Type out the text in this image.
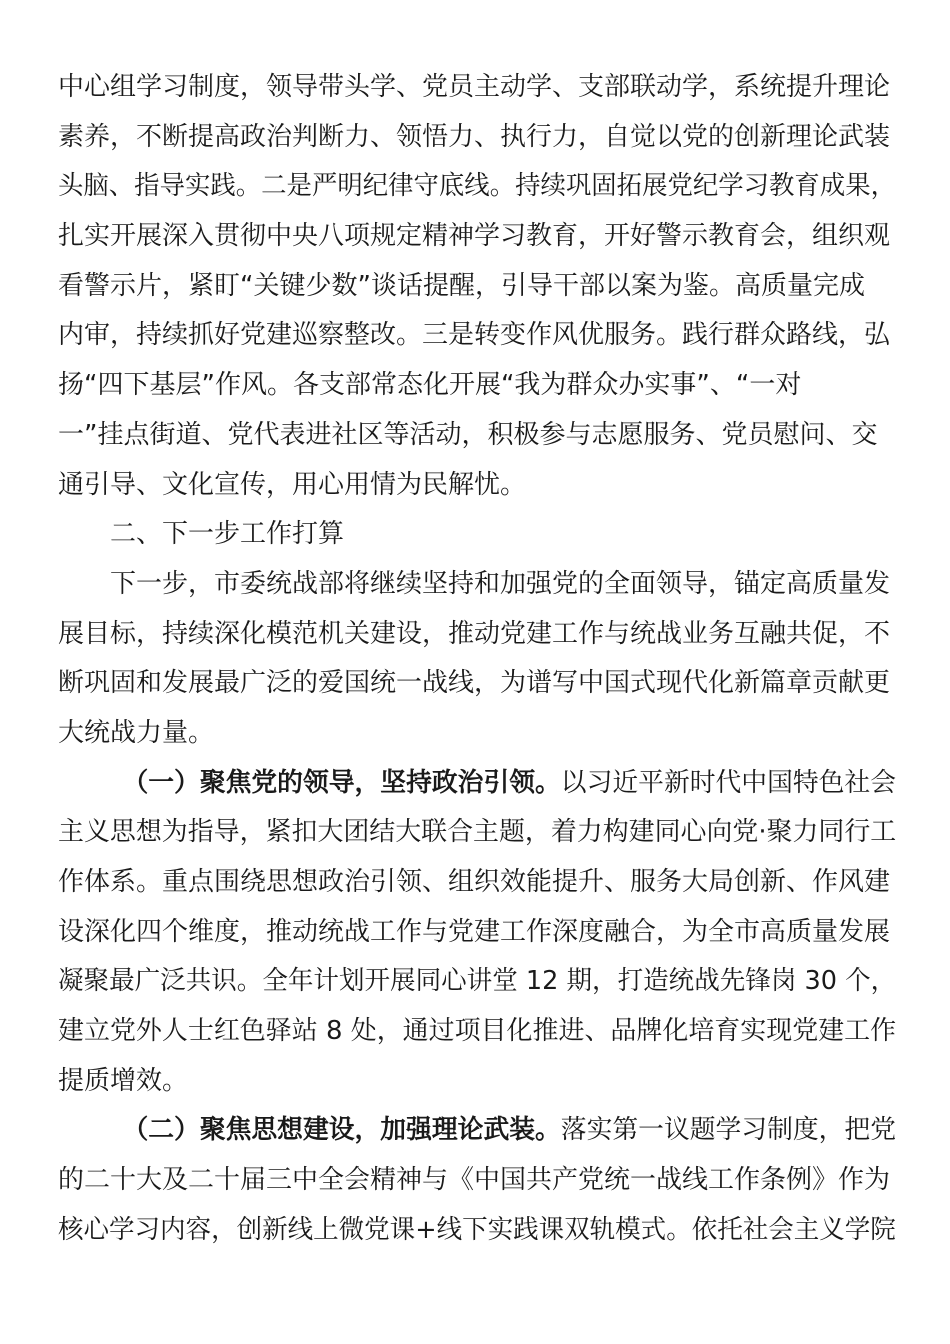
中心组学习制度，领导带头学、党员主动学、支部联动学，系统提升理论
素养，不断提高政治判断力、领悟力、执行力，自觉以党的创新理论武装
头脑、指导实践。二是严明纪律守底线。持续巩固拓展党纪学习教育成果，
扎实开展深入贯彻中央八项规定精神学习教育，开好警示教育会，组织观
看警示片，紧盯“关键少数”谈话提醒，引导干部以案为鉴。高质量完成
内审，持续抓好党建巡察整改。三是转变作风优服务。践行群众路线，弘
扬“四下基层”作风。各支部常态化开展“我为群众办实事”、“一对
一”挂点街道、党代表进社区等活动，积极参与志愿服务、党员慰问、交
通引导、文化宣传，用心用情为民解忧。
二、下一步工作打算
下一步，市委统战部将继续坚持和加强党的全面领导，锚定高质量发
展目标，持续深化模范机关建设，推动党建工作与统战业务互融共促，不
断巩固和发展最广泛的爱国统一战线，为谱写中国式现代化新篇章贡献更
大统战力量。
（一）聚焦党的领导，坚持政治引领。以习近平新时代中国特色社会
主义思想为指导，紧扣大团结大联合主题，着力构建同心向党·聚力同行工
作体系。重点围绕思想政治引领、组织效能提升、服务大局创新、作风建
设深化四个维度，推动统战工作与党建工作深度融合，为全市高质量发展
凝聚最广泛共识。全年计划开展同心讲堂 12 期，打造统战先锋岗 30 个，
建立党外人士红色驿站 8 处，通过项目化推进、品牌化培育实现党建工作
提质增效。
（二）聚焦思想建设，加强理论武装。落实第一议题学习制度，把党
的二十大及二十届三中全会精神与《中国共产党统一战线工作条例》作为
核心学习内容，创新线上微党课+线下实践课双轨模式。依托社会主义学院
